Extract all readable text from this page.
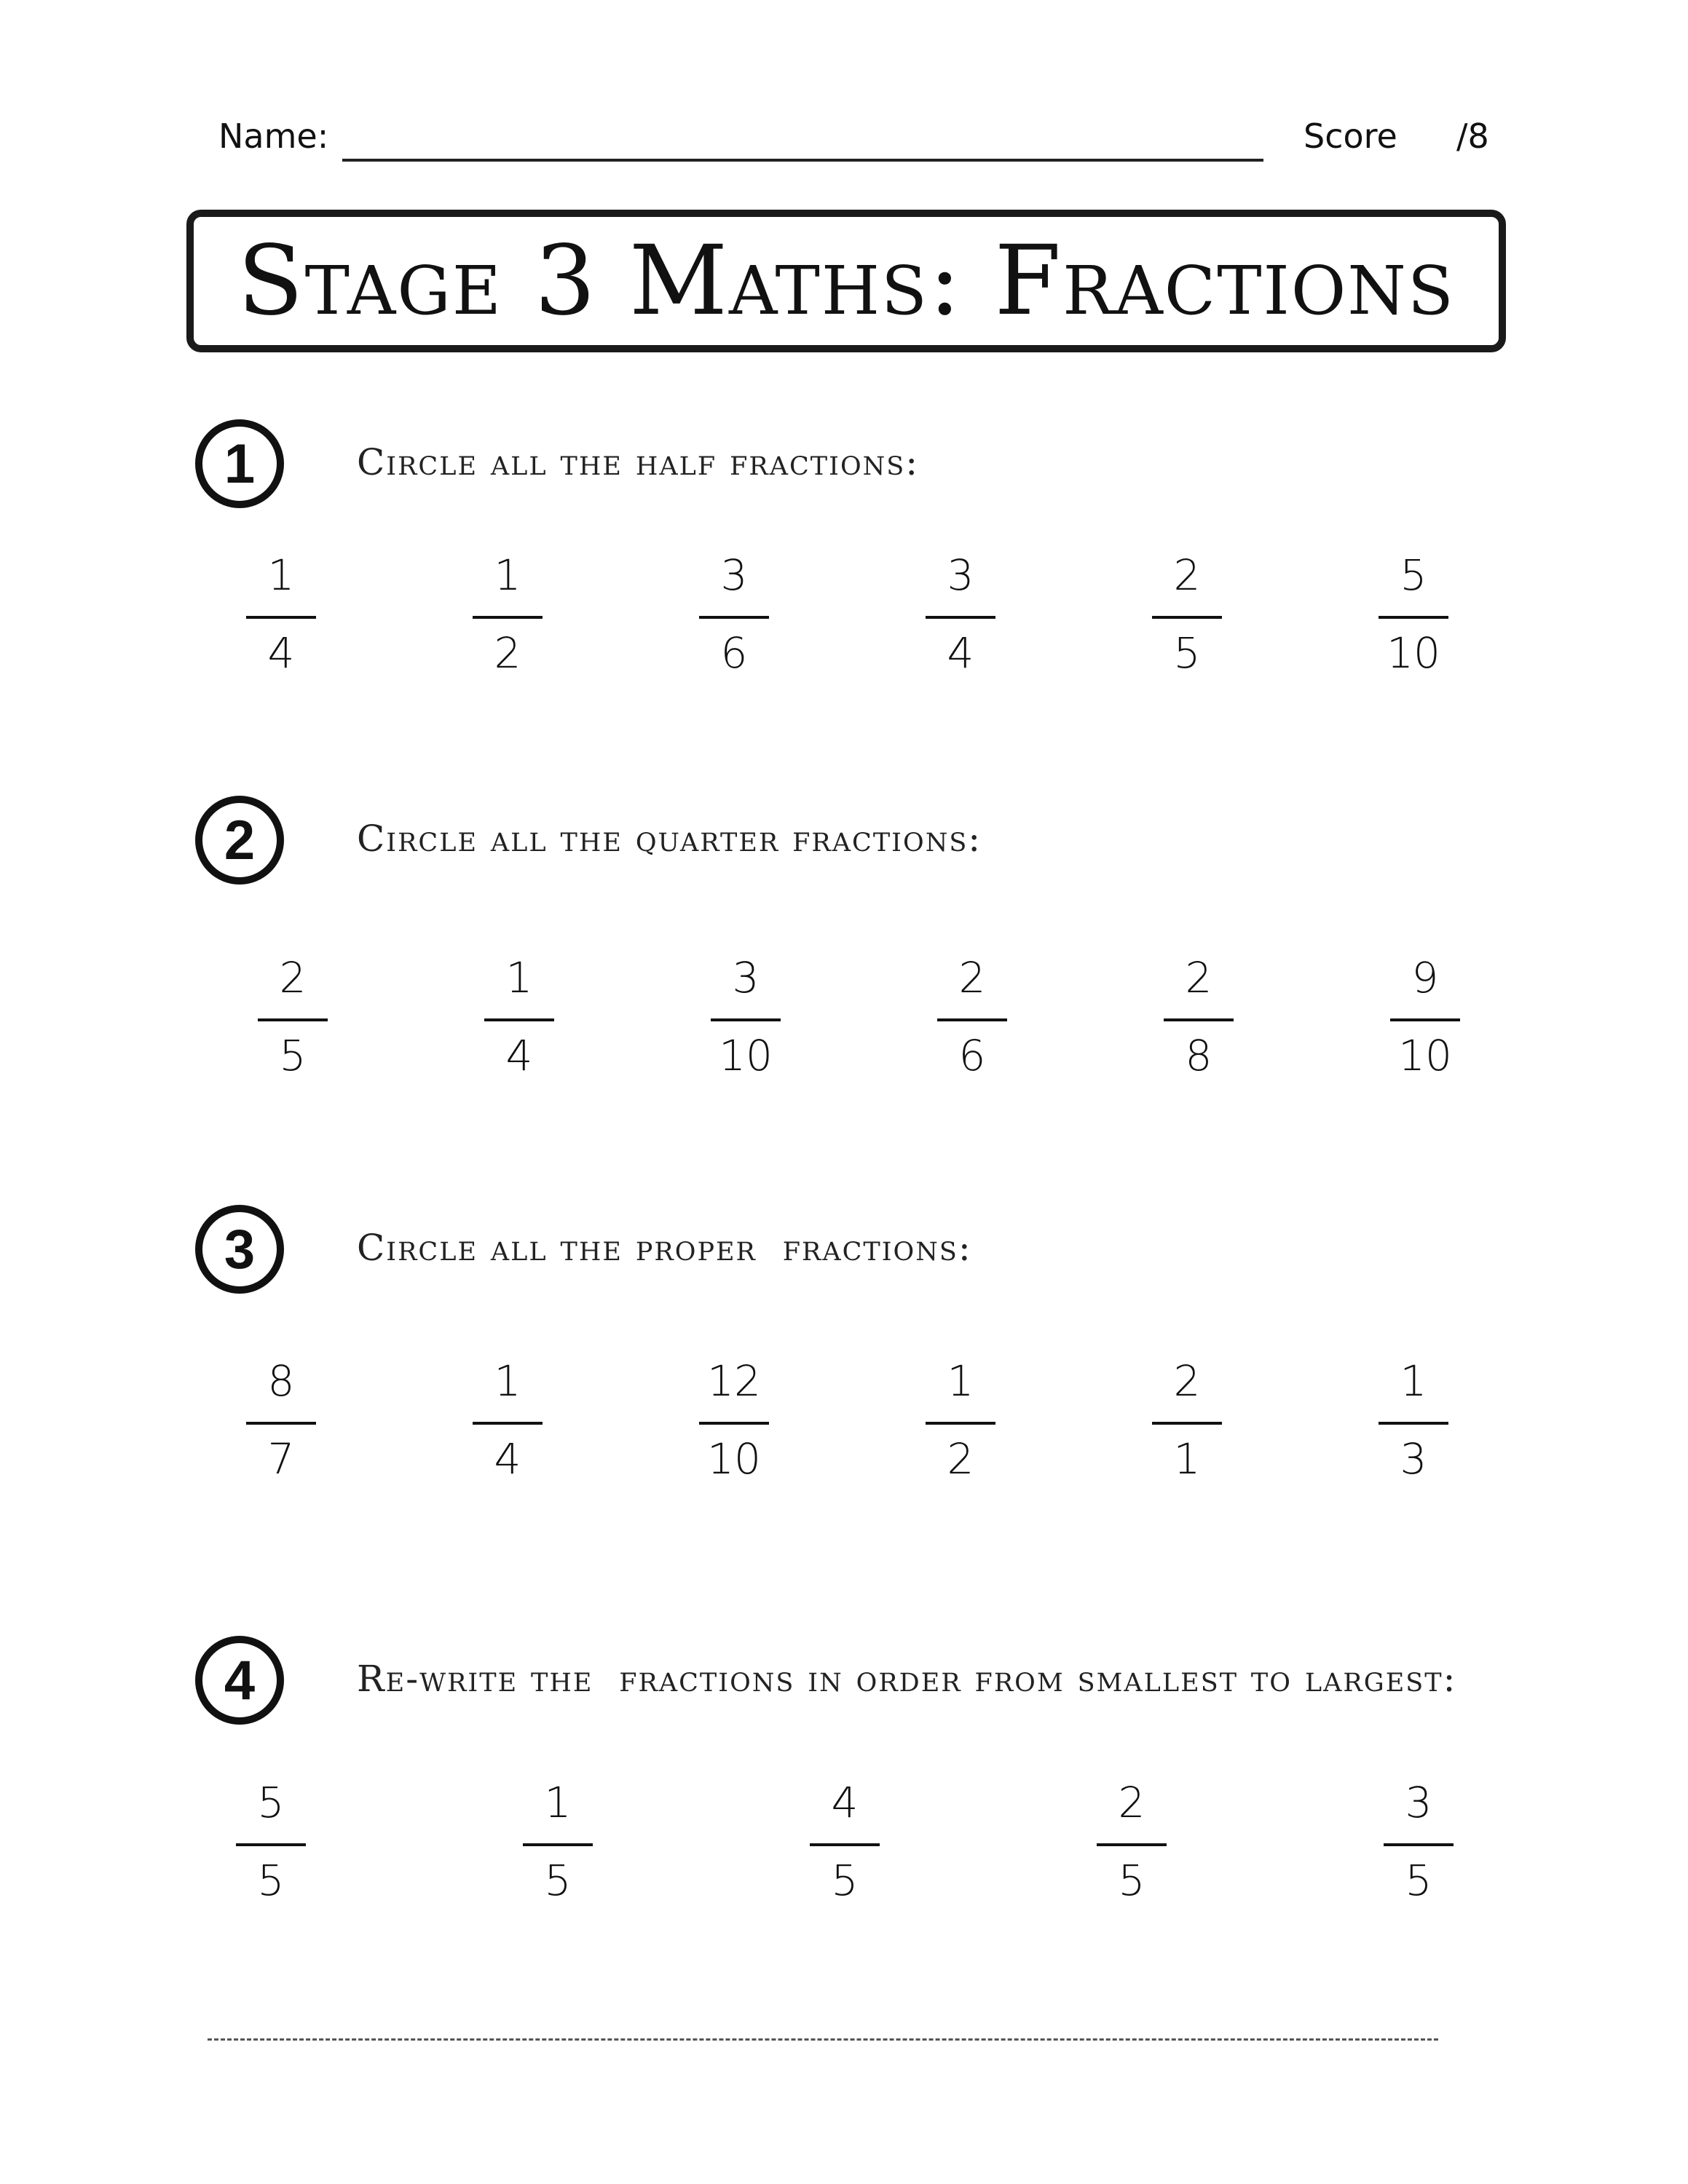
Name:	Score /8
Stage 3 Maths: Fractions
1	Circle all the half fractions:
1
4
1
2
3
6
3
4
2
5
5
10
2	Circle all the quarter fractions:
2
5
1
4
3
10
2
6
2
8
9
10
3	Circle all the proper  fractions:
8
7
1
4
12
10
1
2
2
1
1
3
4	Re-write the  fractions in order from smallest to largest:
5
5
1
5
4
5
2
5
3
5
